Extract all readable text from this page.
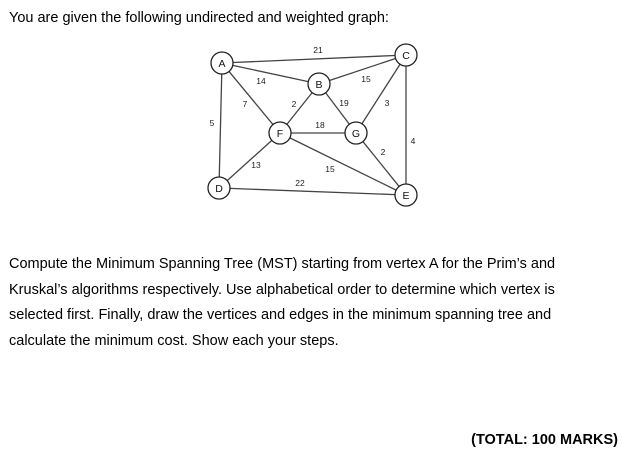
You are given the following undirected and weighted graph:

21
14
7
5
15
2	19
18
3
4
2
15
13
22
A
B
C
D
E
F	G

Compute the Minimum Spanning Tree (MST) starting from vertex A for the Prim’s and
Kruskal’s algorithms respectively. Use alphabetical order to determine which vertex is
selected first. Finally, draw the vertices and edges in the minimum spanning tree and
calculate the minimum cost. Show each your steps.

(TOTAL: 100 MARKS)
